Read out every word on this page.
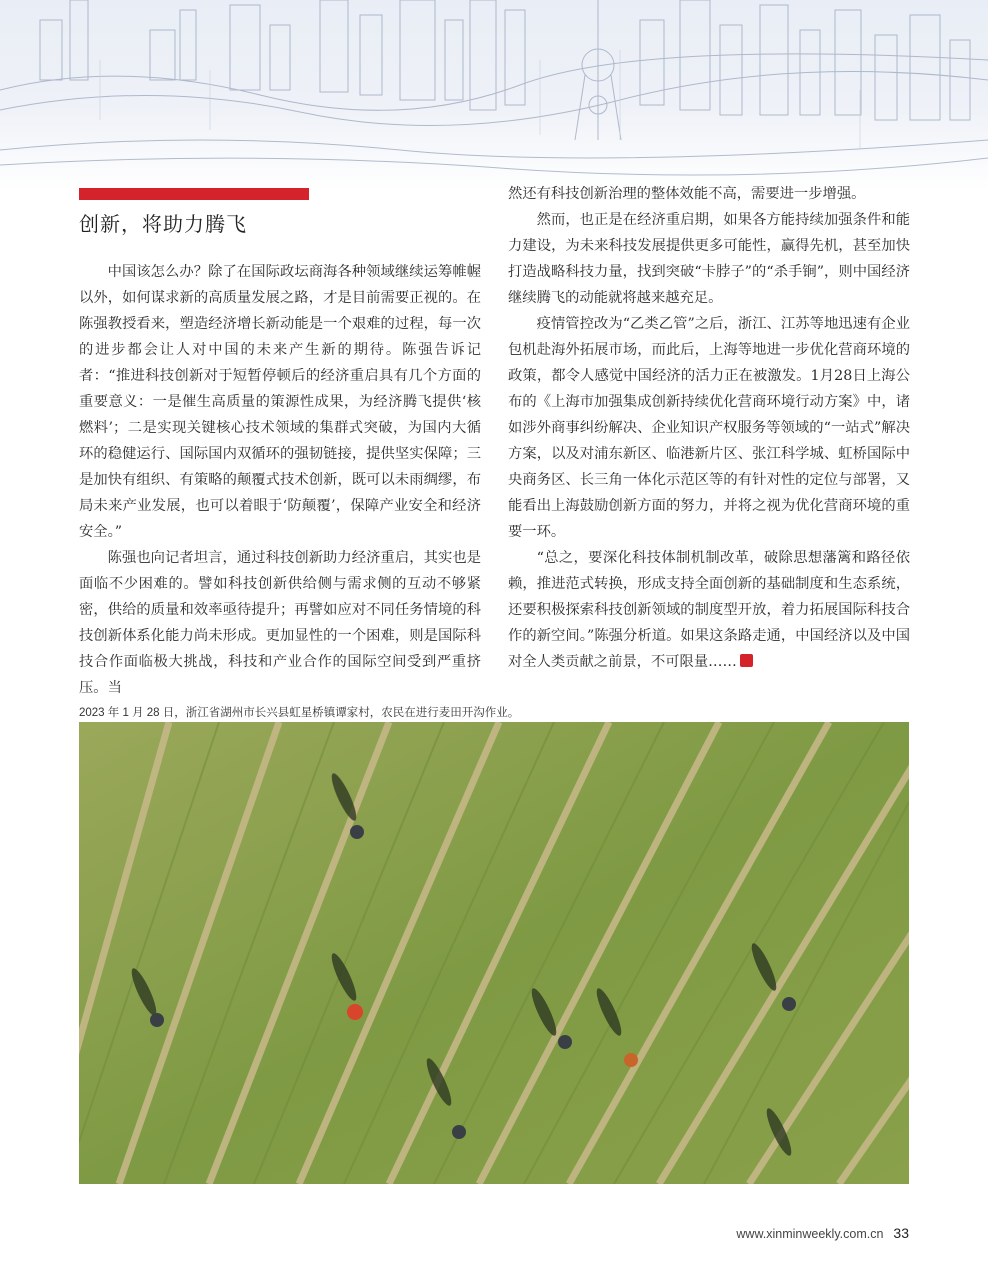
创新，将助力腾飞

中国该怎么办？除了在国际政坛商海各种领域继续运筹帷幄以外，如何谋求新的高质量发展之路，才是目前需要正视的。在陈强教授看来，塑造经济增长新动能是一个艰难的过程，每一次的进步都会让人对中国的未来产生新的期待。陈强告诉记者：“推进科技创新对于短暂停顿后的经济重启具有几个方面的重要意义：一是催生高质量的策源性成果，为经济腾飞提供‘核燃料’；二是实现关键核心技术领域的集群式突破，为国内大循环的稳健运行、国际国内双循环的强韧链接，提供坚实保障；三是加快有组织、有策略的颠覆式技术创新，既可以未雨绸缪，布局未来产业发展，也可以着眼于‘防颠覆’，保障产业安全和经济安全。”

陈强也向记者坦言，通过科技创新助力经济重启，其实也是面临不少困难的。譬如科技创新供给侧与需求侧的互动不够紧密，供给的质量和效率亟待提升；再譬如应对不同任务情境的科技创新体系化能力尚未形成。更加显性的一个困难，则是国际科技合作面临极大挑战，科技和产业合作的国际空间受到严重挤压。当

然还有科技创新治理的整体效能不高，需要进一步增强。

然而，也正是在经济重启期，如果各方能持续加强条件和能力建设，为未来科技发展提供更多可能性，赢得先机，甚至加快打造战略科技力量，找到突破“卡脖子”的“杀手锏”，则中国经济继续腾飞的动能就将越来越充足。

疫情管控改为“乙类乙管”之后，浙江、江苏等地迅速有企业包机赴海外拓展市场，而此后，上海等地进一步优化营商环境的政策，都令人感觉中国经济的活力正在被激发。1月28日上海公布的《上海市加强集成创新持续优化营商环境行动方案》中，诸如涉外商事纠纷解决、企业知识产权服务等领域的“一站式”解决方案，以及对浦东新区、临港新片区、张江科学城、虹桥国际中央商务区、长三角一体化示范区等的有针对性的定位与部署，又能看出上海鼓励创新方面的努力，并将之视为优化营商环境的重要一环。

“总之，要深化科技体制机制改革，破除思想藩篱和路径依赖，推进范式转换，形成支持全面创新的基础制度和生态系统，还要积极探索科技创新领域的制度型开放，着力拓展国际科技合作的新空间。”陈强分析道。如果这条路走通，中国经济以及中国对全人类贡献之前景，不可限量……

2023 年 1 月 28 日，浙江省湖州市长兴县虹星桥镇谭家村，农民在进行麦田开沟作业。

www.xinminweekly.com.cn 33
